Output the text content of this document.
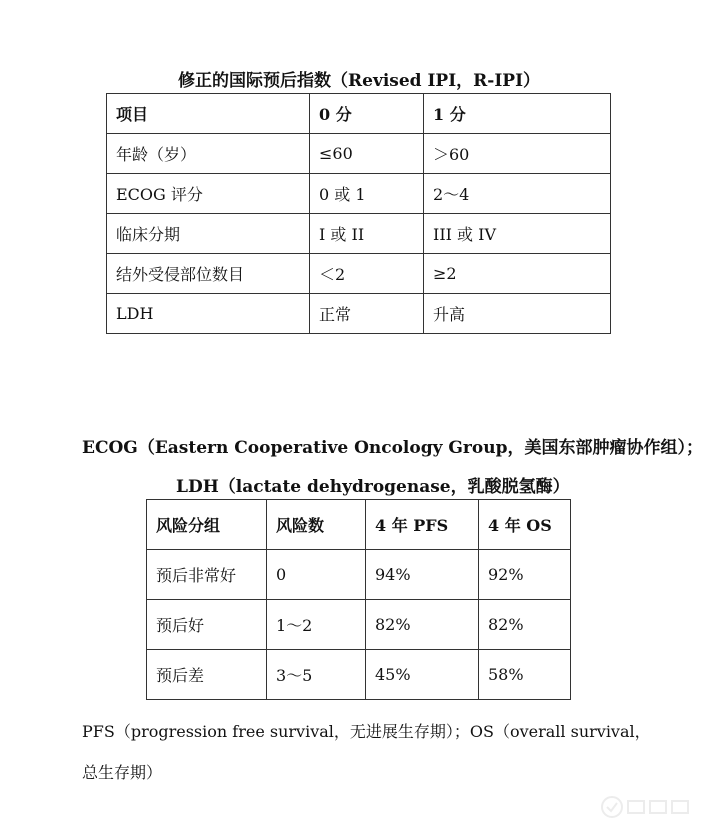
修正的国际预后指数（Revised IPI，R-IPI）
项目	0 分	1 分
年龄（岁）	≤60	＞60
ECOG 评分	0 或 1	2～4
临床分期	I 或 II	III 或 IV
结外受侵部位数目	＜2	≥2
LDH	正常	升高
ECOG（Eastern Cooperative Oncology Group，美国东部肿瘤协作组）；
LDH（lactate dehydrogenase，乳酸脱氢酶）
风险分组	风险数	4 年 PFS	4 年 OS
预后非常好	0	94%	92%
预后好	1～2	82%	82%
预后差	3～5	45%	58%
PFS（progression free survival，无进展生存期）；OS（overall survival，
总生存期）
